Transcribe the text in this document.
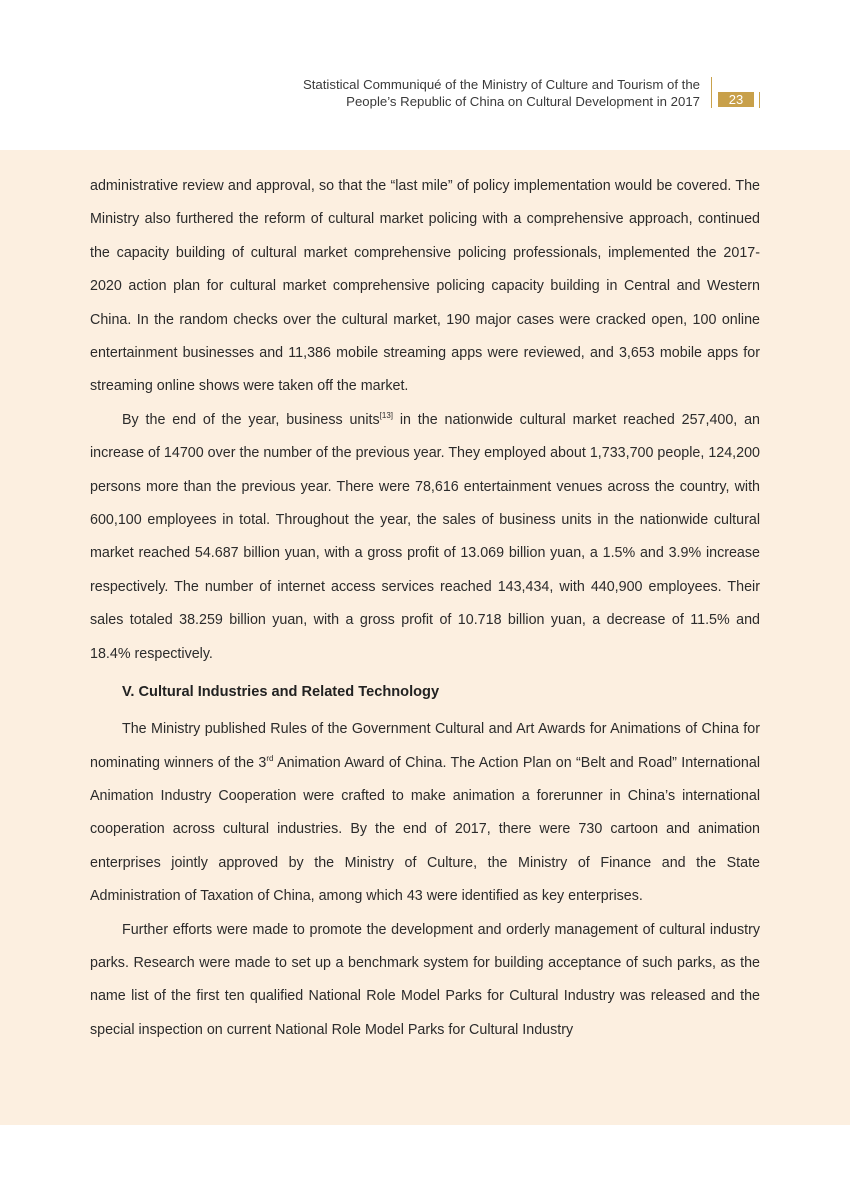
Statistical Communiqué of the Ministry of Culture and Tourism of the
People’s Republic of China on Cultural Development in 2017	23

administrative review and approval, so that the “last mile” of policy implementation would be covered. The Ministry also furthered the reform of cultural market policing with a comprehensive approach, continued the capacity building of cultural market comprehensive policing professionals, implemented the 2017-2020 action plan for cultural market comprehensive policing capacity building in Central and Western China. In the random checks over the cultural market, 190 major cases were cracked open, 100 online entertainment businesses and 11,386 mobile streaming apps were reviewed, and 3,653 mobile apps for streaming online shows were taken off the market.

By the end of the year, business units[13] in the nationwide cultural market reached 257,400, an increase of 14700 over the number of the previous year. They employed about 1,733,700 people, 124,200 persons more than the previous year. There were 78,616 entertainment venues across the country, with 600,100 employees in total. Throughout the year, the sales of business units in the nationwide cultural market reached 54.687 billion yuan, with a gross profit of 13.069 billion yuan, a 1.5% and 3.9% increase respectively. The number of internet access services reached 143,434, with 440,900 employees. Their sales totaled 38.259 billion yuan, with a gross profit of 10.718 billion yuan, a decrease of 11.5% and 18.4% respectively.

V. Cultural Industries and Related Technology

The Ministry published Rules of the Government Cultural and Art Awards for Animations of China for nominating winners of the 3rd Animation Award of China. The Action Plan on “Belt and Road” International Animation Industry Cooperation were crafted to make animation a forerunner in China’s international cooperation across cultural industries. By the end of 2017, there were 730 cartoon and animation enterprises jointly approved by the Ministry of Culture, the Ministry of Finance and the State Administration of Taxation of China, among which 43 were identified as key enterprises.

Further efforts were made to promote the development and orderly management of cultural industry parks. Research were made to set up a benchmark system for building acceptance of such parks, as the name list of the first ten qualified National Role Model Parks for Cultural Industry was released and the special inspection on current National Role Model Parks for Cultural Industry
